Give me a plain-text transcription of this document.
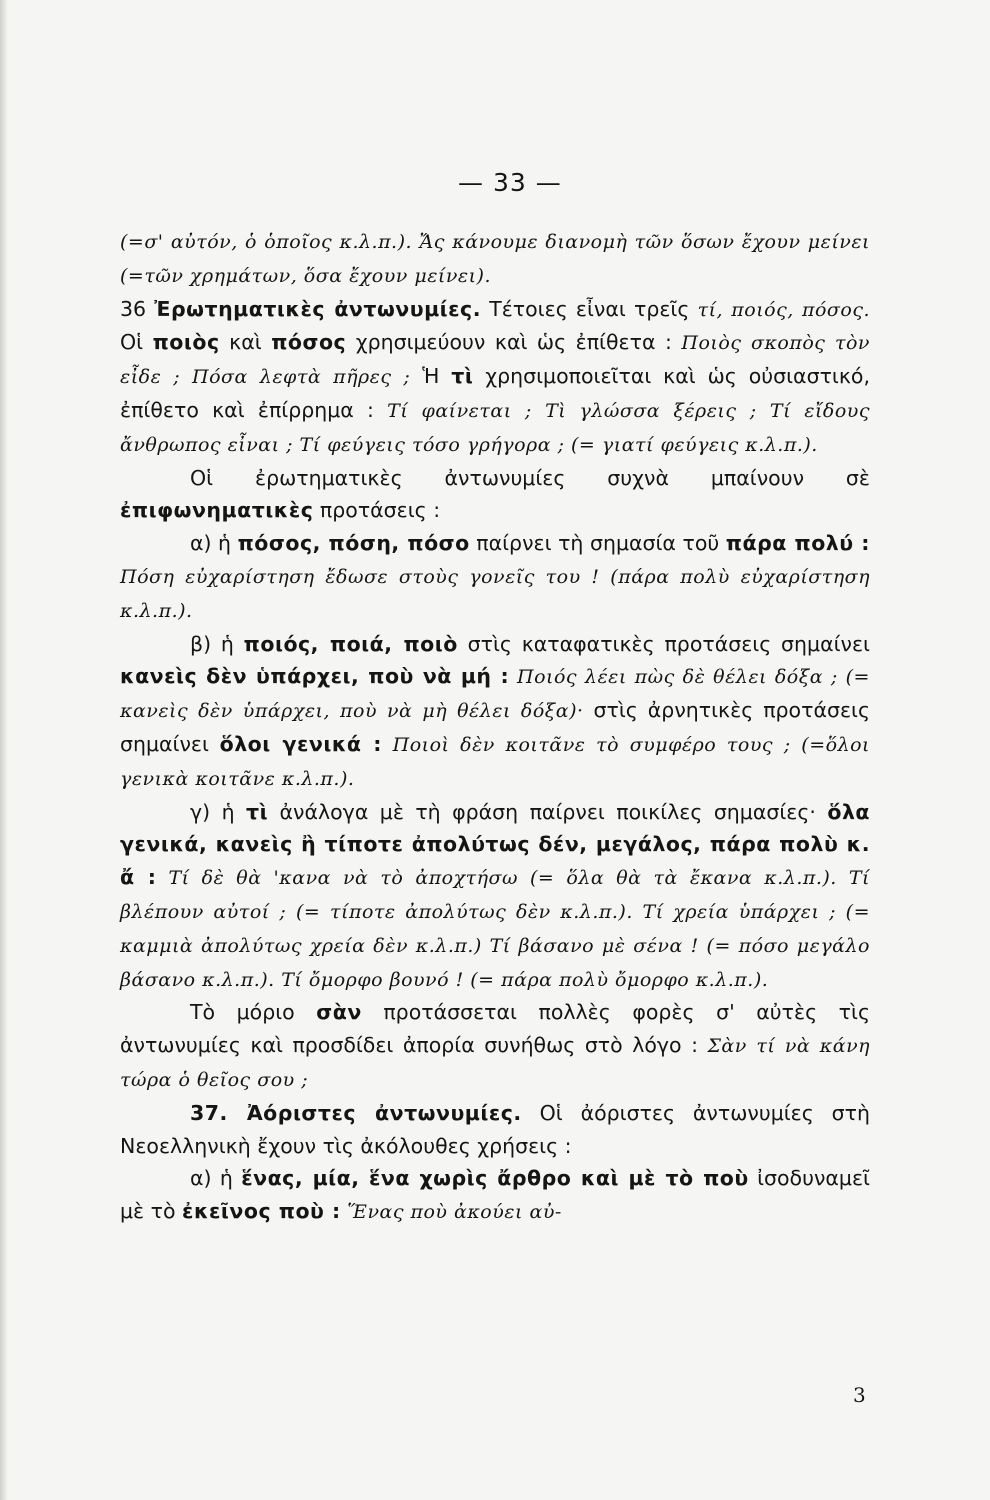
— 33 —

(=σ' αὐτόν, ὁ ὁποῖος κ.λ.π.). Ἄς κάνουμε διανομὴ τῶν ὅσων ἔχουν μείνει (=τῶν χρημάτων, ὅσα ἔχουν μείνει).

36 Ἐρωτηματικὲς ἀντωνυμίες. Τέτοιες εἶναι τρεῖς τί, ποιός, πόσος. Οἱ ποιὸς καὶ πόσος χρησιμεύουν καὶ ὡς ἐπίθετα : Ποιὸς σκοπὸς τὸν εἶδε ; Πόσα λεφτὰ πῆρες ; Ἡ τὶ χρησιμοποιεῖται καὶ ὡς οὐσιαστικό, ἐπίθετο καὶ ἐπίρρημα : Τί φαίνεται ; Τὶ γλώσσα ξέρεις ; Τί εἴδους ἄνθρωπος εἶναι ; Τί φεύγεις τόσο γρήγορα ; (= γιατί φεύγεις κ.λ.π.).

Οἱ ἐρωτηματικὲς ἀντωνυμίες συχνὰ μπαίνουν σὲ ἐπιφωνηματικὲς προτάσεις :

α) ἡ πόσος, πόση, πόσο παίρνει τὴ σημασία τοῦ πάρα πολύ : Πόση εὐχαρίστηση ἔδωσε στοὺς γονεῖς του ! (πάρα πολὺ εὐχαρίστηση κ.λ.π.).

β) ἡ ποιός, ποιά, ποιὸ στὶς καταφατικὲς προτάσεις σημαίνει κανεὶς δὲν ὑπάρχει, ποὺ νὰ μή : Ποιός λέει πὼς δὲ θέλει δόξα ; (= κανεὶς δὲν ὑπάρχει, ποὺ νὰ μὴ θέλει δόξα)· στὶς ἀρνητικὲς προτάσεις σημαίνει ὅλοι γενικά : Ποιοὶ δὲν κοιτᾶνε τὸ συμφέρο τους ; (=ὅλοι γενικὰ κοιτᾶνε κ.λ.π.).

γ) ἡ τὶ ἀνάλογα μὲ τὴ φράση παίρνει ποικίλες σημασίες· ὅλα γενικά, κανεὶς ἢ τίποτε ἀπολύτως δέν, μεγάλος, πάρα πολὺ κ. ἄ : Τί δὲ θὰ 'κανα νὰ τὸ ἀποχτήσω (= ὅλα θὰ τὰ ἔκανα κ.λ.π.). Τί βλέπουν αὐτοί ; (= τίποτε ἀπολύτως δὲν κ.λ.π.). Τί χρεία ὑπάρχει ; (= καμμιὰ ἀπολύτως χρεία δὲν κ.λ.π.) Τί βάσανο μὲ σένα ! (= πόσο μεγάλο βάσανο κ.λ.π.). Τί ὄμορφο βουνό ! (= πάρα πολὺ ὄμορφο κ.λ.π.).

Τὸ μόριο σὰν προτάσσεται πολλὲς φορὲς σ' αὐτὲς τὶς ἀντωνυμίες καὶ προσδίδει ἀπορία συνήθως στὸ λόγο : Σὰν τί νὰ κάνη τώρα ὁ θεῖος σου ;

37. Ἀόριστες ἀντωνυμίες. Οἱ ἀόριστες ἀντωνυμίες στὴ Νεοελληνικὴ ἔχουν τὶς ἀκόλουθες χρήσεις :

α) ἡ ἕνας, μία, ἕνα χωρὶς ἄρθρο καὶ μὲ τὸ ποὺ ἰσοδυναμεῖ μὲ τὸ ἐκεῖνος ποὺ : Ἕνας ποὺ ἀκούει αὐ-

3
